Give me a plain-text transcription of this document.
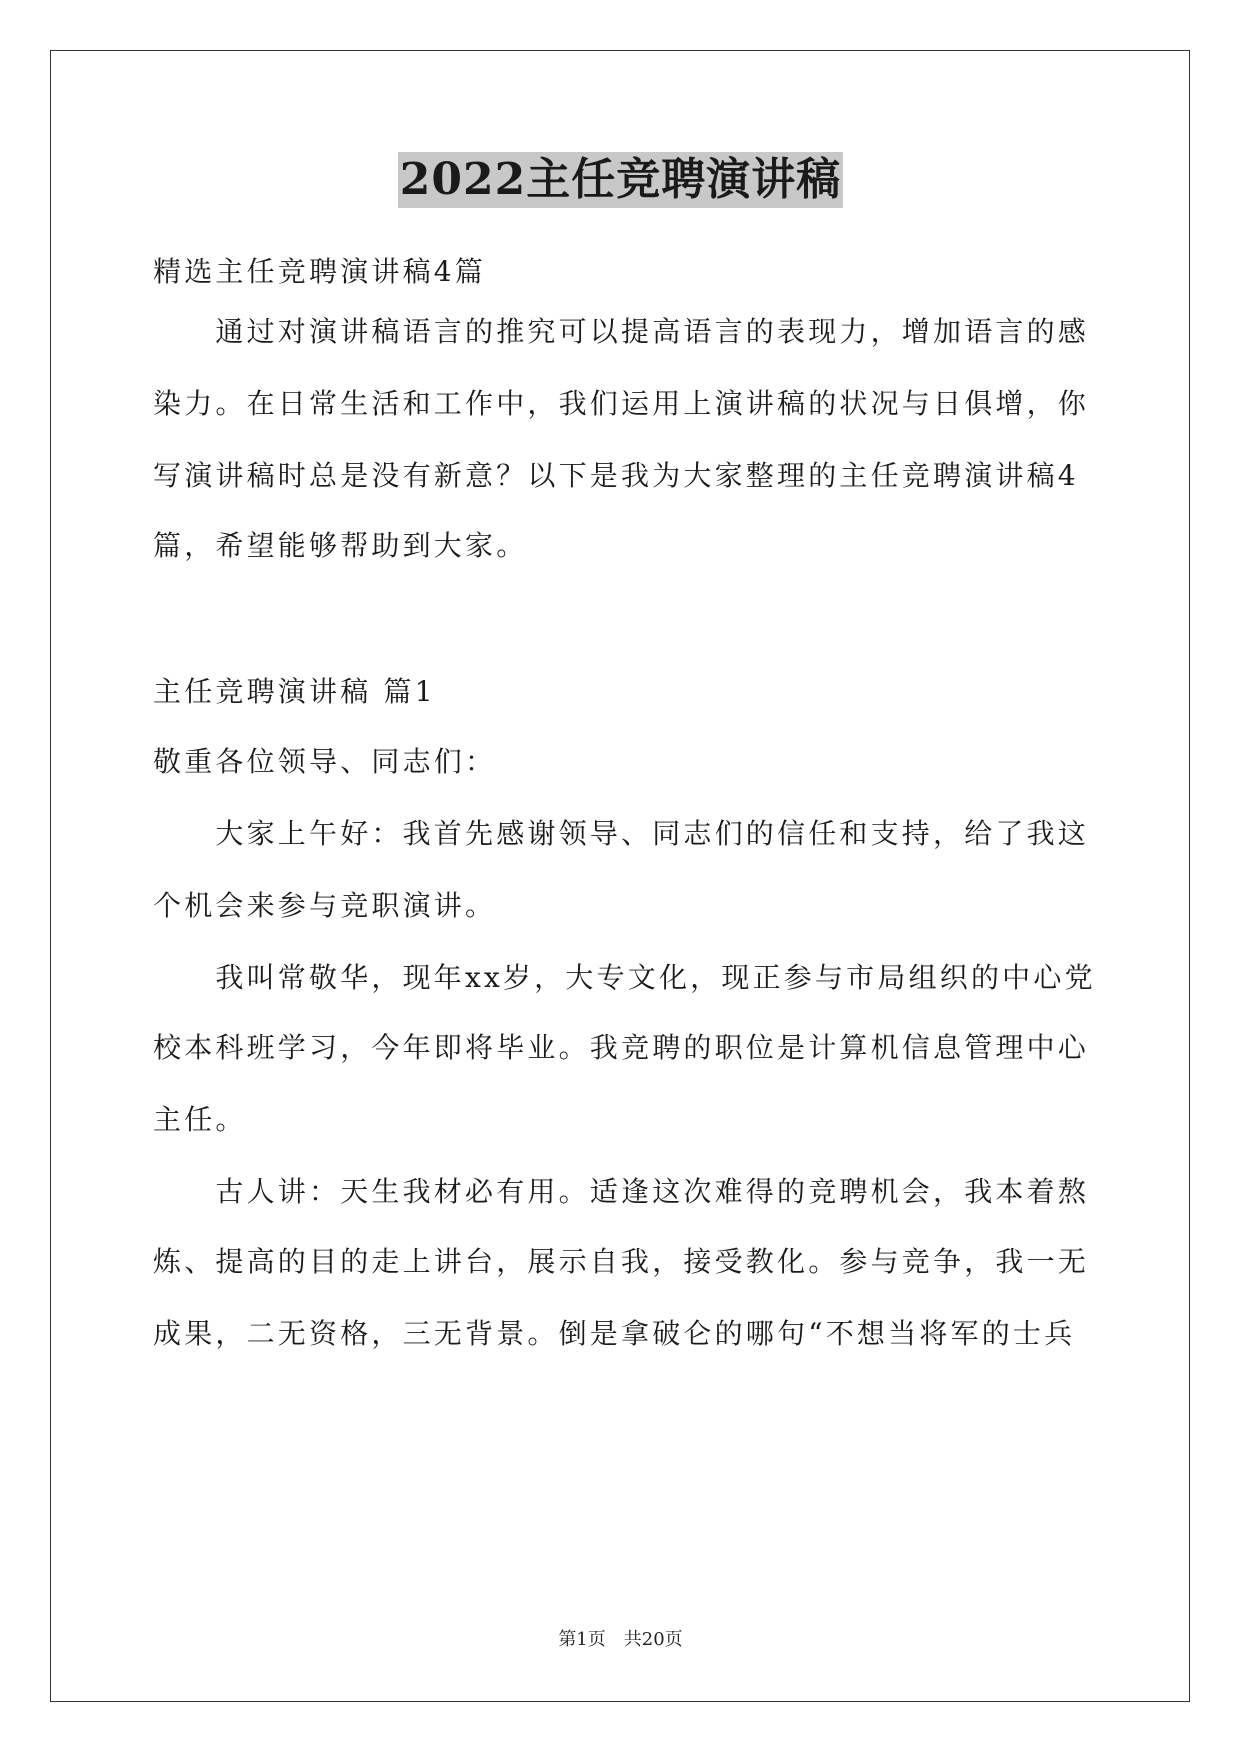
2022主任竞聘演讲稿
精选主任竞聘演讲稿4篇
　　通过对演讲稿语言的推究可以提高语言的表现力，增加语言的感
染力。在日常生活和工作中，我们运用上演讲稿的状况与日俱增，你
写演讲稿时总是没有新意？以下是我为大家整理的主任竞聘演讲稿4
篇，希望能够帮助到大家。
主任竞聘演讲稿 篇1
敬重各位领导、同志们：
　　大家上午好：我首先感谢领导、同志们的信任和支持，给了我这
个机会来参与竞职演讲。
　　我叫常敬华，现年xx岁，大专文化，现正参与市局组织的中心党
校本科班学习，今年即将毕业。我竞聘的职位是计算机信息管理中心
主任。
　　古人讲：天生我材必有用。适逢这次难得的竞聘机会，我本着熬
炼、提高的目的走上讲台，展示自我，接受教化。参与竞争，我一无
成果，二无资格，三无背景。倒是拿破仑的哪句“不想当将军的士兵
第1页　共20页
